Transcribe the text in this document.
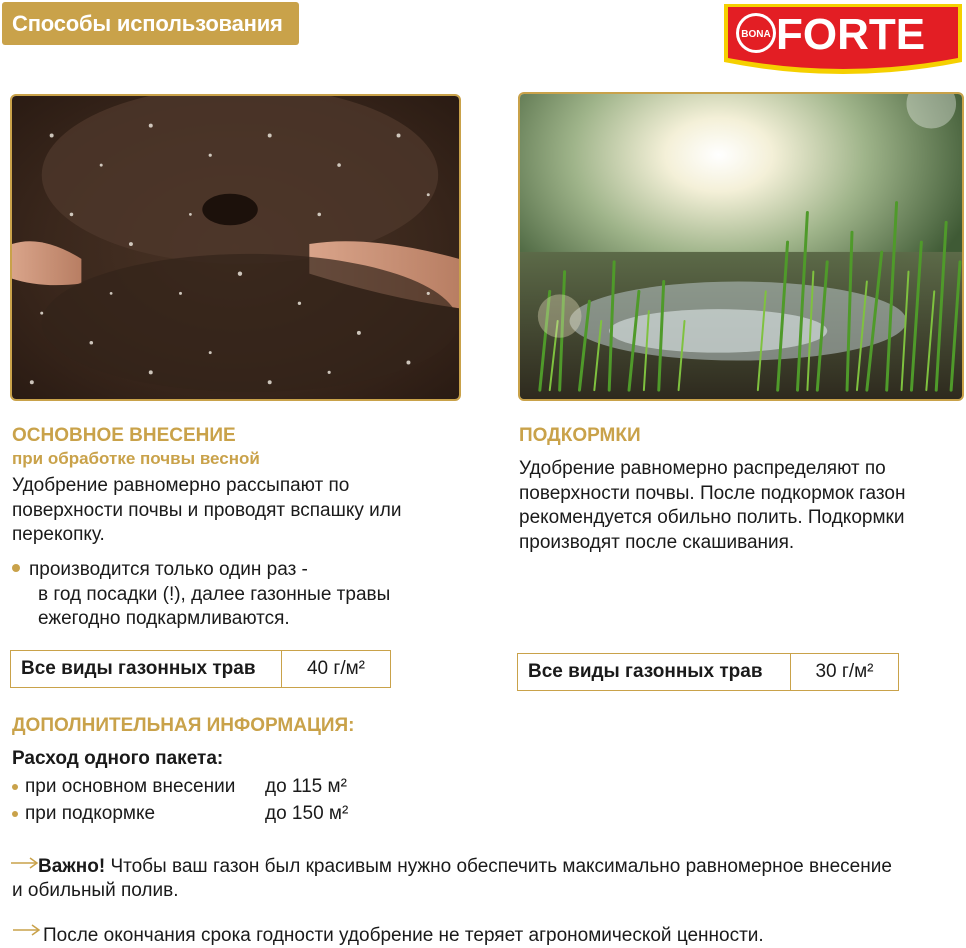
Способы использования	BONA FORTE
ОСНОВНОЕ ВНЕСЕНИЕ
при обработке почвы весной
Удобрение равномерно рассыпают по
поверхности почвы и проводят вспашку или
перекопку.
производится только один раз -
в год посадки (!), далее газонные травы
ежегодно подкармливаются.
Все виды газонных трав	40 г/м²
ПОДКОРМКИ
Удобрение равномерно распределяют по
поверхности почвы. После подкормок газон
рекомендуется обильно полить. Подкормки
производят после скашивания.
Все виды газонных трав	30 г/м²
ДОПОЛНИТЕЛЬНАЯ ИНФОРМАЦИЯ:
Расход одного пакета:
при основном внесении до 115 м²
при подкормке	до 150 м²
Важно! Чтобы ваш газон был красивым нужно обеспечить максимально равномерное внесение
и обильный полив.
После окончания срока годности удобрение не теряет агрономической ценности.
